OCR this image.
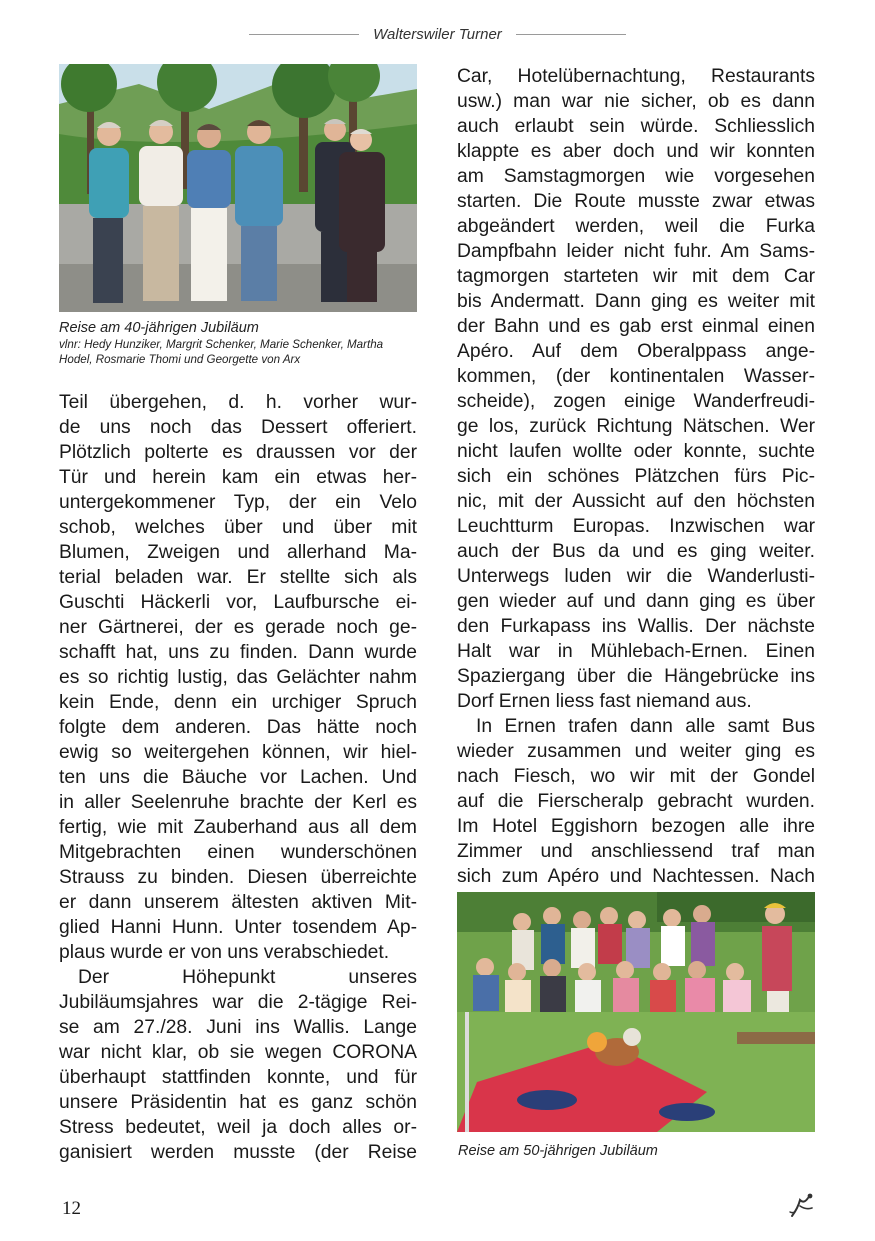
Walterswiler Turner
Reise am 40-jährigen Jubiläum
vlnr: Hedy Hunziker, Margrit Schenker, Marie Schenker, Martha
Hodel, Rosmarie Thomi und Georgette von Arx
Teil übergehen, d. h. vorher wur-
de uns noch das Dessert offeriert.
Plötzlich polterte es draussen vor der
Tür und herein kam ein etwas her-
untergekommener Typ, der ein Velo
schob, welches über und über mit
Blumen, Zweigen und allerhand Ma-
terial beladen war. Er stellte sich als
Guschti Häckerli vor, Laufbursche ei-
ner Gärtnerei, der es gerade noch ge-
schafft hat, uns zu finden. Dann wurde
es so richtig lustig, das Gelächter nahm
kein Ende, denn ein urchiger Spruch
folgte dem anderen. Das hätte noch
ewig so weitergehen können, wir hiel-
ten uns die Bäuche vor Lachen. Und
in aller Seelenruhe brachte der Kerl es
fertig, wie mit Zauberhand aus all dem
Mitgebrachten einen wunderschönen
Strauss zu binden. Diesen überreichte
er dann unserem ältesten aktiven Mit-
glied Hanni Hunn. Unter tosendem Ap-
plaus wurde er von uns verabschiedet.
Der Höhepunkt unseres
Jubiläumsjahres war die 2-tägige Rei-
se am 27./28. Juni ins Wallis. Lange
war nicht klar, ob sie wegen CORONA
überhaupt stattfinden konnte, und für
unsere Präsidentin hat es ganz schön
Stress bedeutet, weil ja doch alles or-
ganisiert werden musste (der Reise
Car, Hotelübernachtung, Restaurants
usw.) man war nie sicher, ob es dann
auch erlaubt sein würde. Schliesslich
klappte es aber doch und wir konnten
am Samstagmorgen wie vorgesehen
starten. Die Route musste zwar etwas
abgeändert werden, weil die Furka
Dampfbahn leider nicht fuhr. Am Sams-
tagmorgen starteten wir mit dem Car
bis Andermatt. Dann ging es weiter mit
der Bahn und es gab erst einmal einen
Apéro. Auf dem Oberalppass ange-
kommen, (der kontinentalen Wasser-
scheide), zogen einige Wanderfreudi-
ge los, zurück Richtung Nätschen. Wer
nicht laufen wollte oder konnte, suchte
sich ein schönes Plätzchen fürs Pic-
nic, mit der Aussicht auf den höchsten
Leuchtturm Europas. Inzwischen war
auch der Bus da und es ging weiter.
Unterwegs luden wir die Wanderlusti-
gen wieder auf und dann ging es über
den Furkapass ins Wallis. Der nächste
Halt war in Mühlebach-Ernen. Einen
Spaziergang über die Hängebrücke ins
Dorf Ernen liess fast niemand aus.
In Ernen trafen dann alle samt Bus
wieder zusammen und weiter ging es
nach Fiesch, wo wir mit der Gondel
auf die Fierscheralp gebracht wurden.
Im Hotel Eggishorn bezogen alle ihre
Zimmer und anschliessend traf man
sich zum Apéro und Nachtessen. Nach
Reise am 50-jährigen Jubiläum
12
